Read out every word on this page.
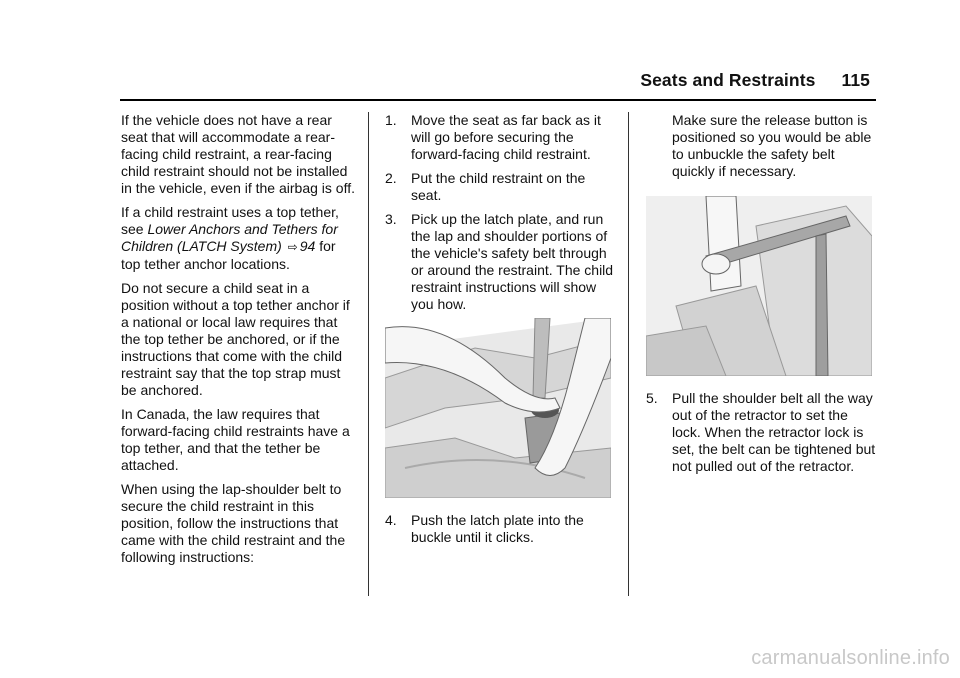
Seats and Restraints 115

If the vehicle does not have a rear seat that will accommodate a rear-facing child restraint, a rear-facing child restraint should not be installed in the vehicle, even if the airbag is off.

If a child restraint uses a top tether, see Lower Anchors and Tethers for Children (LATCH System) ⇨ 94 for top tether anchor locations.

Do not secure a child seat in a position without a top tether anchor if a national or local law requires that the top tether be anchored, or if the instructions that come with the child restraint say that the top strap must be anchored.

In Canada, the law requires that forward-facing child restraints have a top tether, and that the tether be attached.

When using the lap-shoulder belt to secure the child restraint in this position, follow the instructions that came with the child restraint and the following instructions:

1.	Move the seat as far back as it will go before securing the forward-facing child restraint.
2.	Put the child restraint on the seat.
3.	Pick up the latch plate, and run the lap and shoulder portions of the vehicle's safety belt through or around the restraint. The child restraint instructions will show you how.
4.	Push the latch plate into the buckle until it clicks.

Make sure the release button is positioned so you would be able to unbuckle the safety belt quickly if necessary.

5.	Pull the shoulder belt all the way out of the retractor to set the lock. When the retractor lock is set, the belt can be tightened but not pulled out of the retractor.
carmanualsonline.info
